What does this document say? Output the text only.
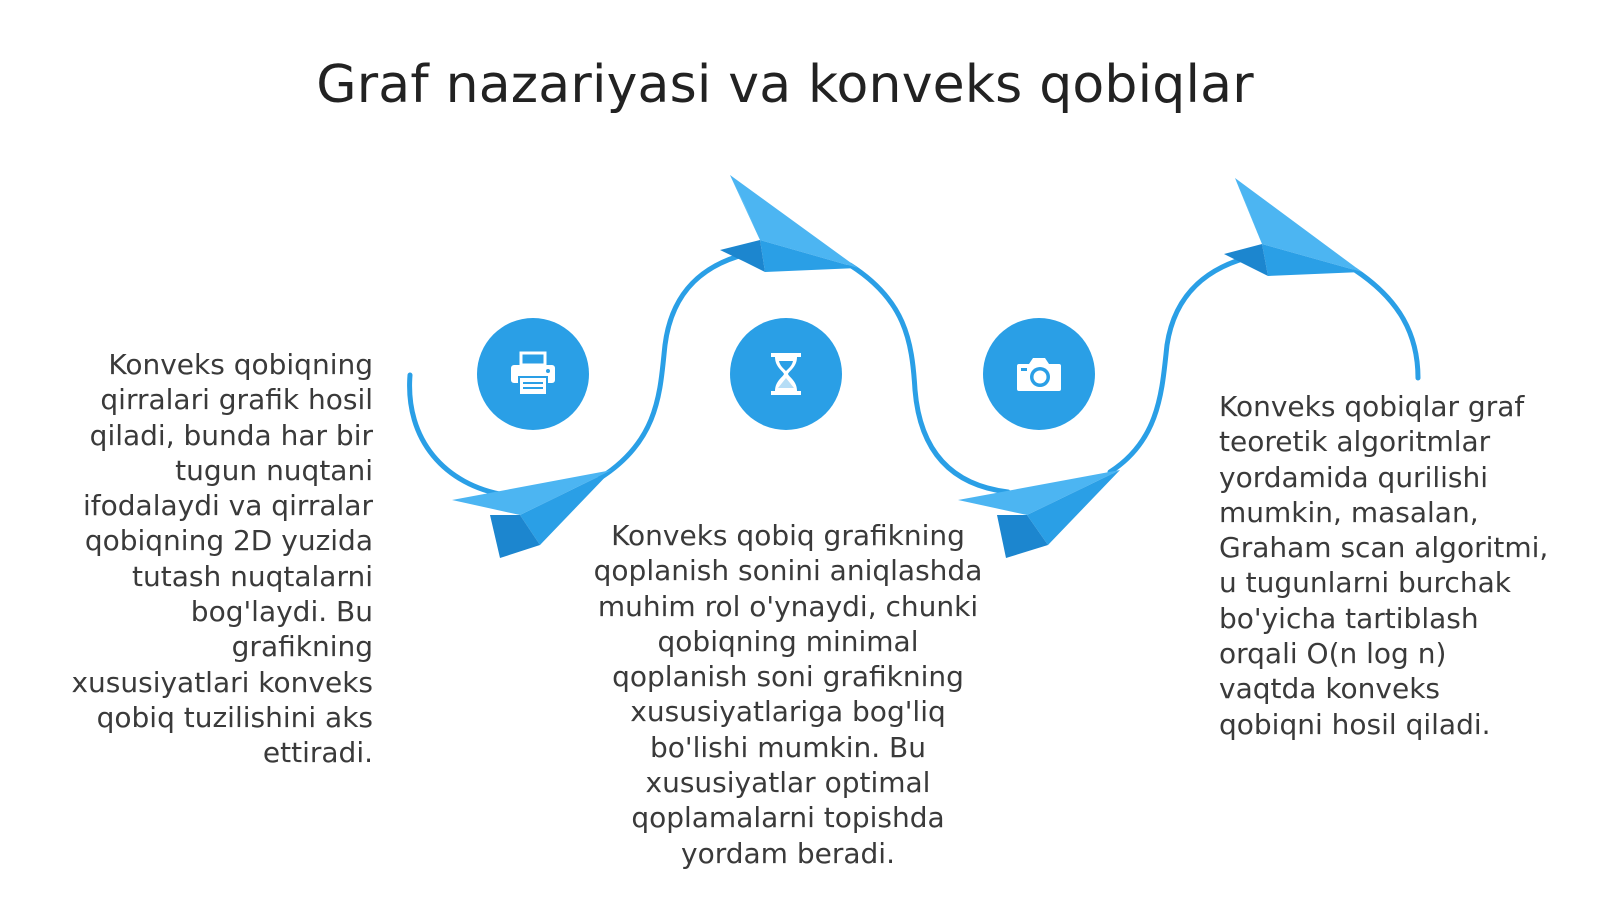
Graf nazariyasi va konveks qobiqlar
Konveks qobiqning qirralari grafik hosil qiladi, bunda har bir tugun nuqtani ifodalaydi va qirralar qobiqning 2D yuzida tutash nuqtalarni bog'laydi. Bu grafikning xususiyatlari konveks qobiq tuzilishini aks ettiradi.
Konveks qobiq grafikning qoplanish sonini aniqlashda muhim rol o'ynaydi, chunki qobiqning minimal qoplanish soni grafikning xususiyatlariga bog'liq bo'lishi mumkin. Bu xususiyatlar optimal qoplamalarni topishda yordam beradi.
Konveks qobiqlar graf teoretik algoritmlar yordamida qurilishi mumkin, masalan, Graham scan algoritmi, u tugunlarni burchak bo'yicha tartiblash orqali O(n log n) vaqtda konveks qobiqni hosil qiladi.
